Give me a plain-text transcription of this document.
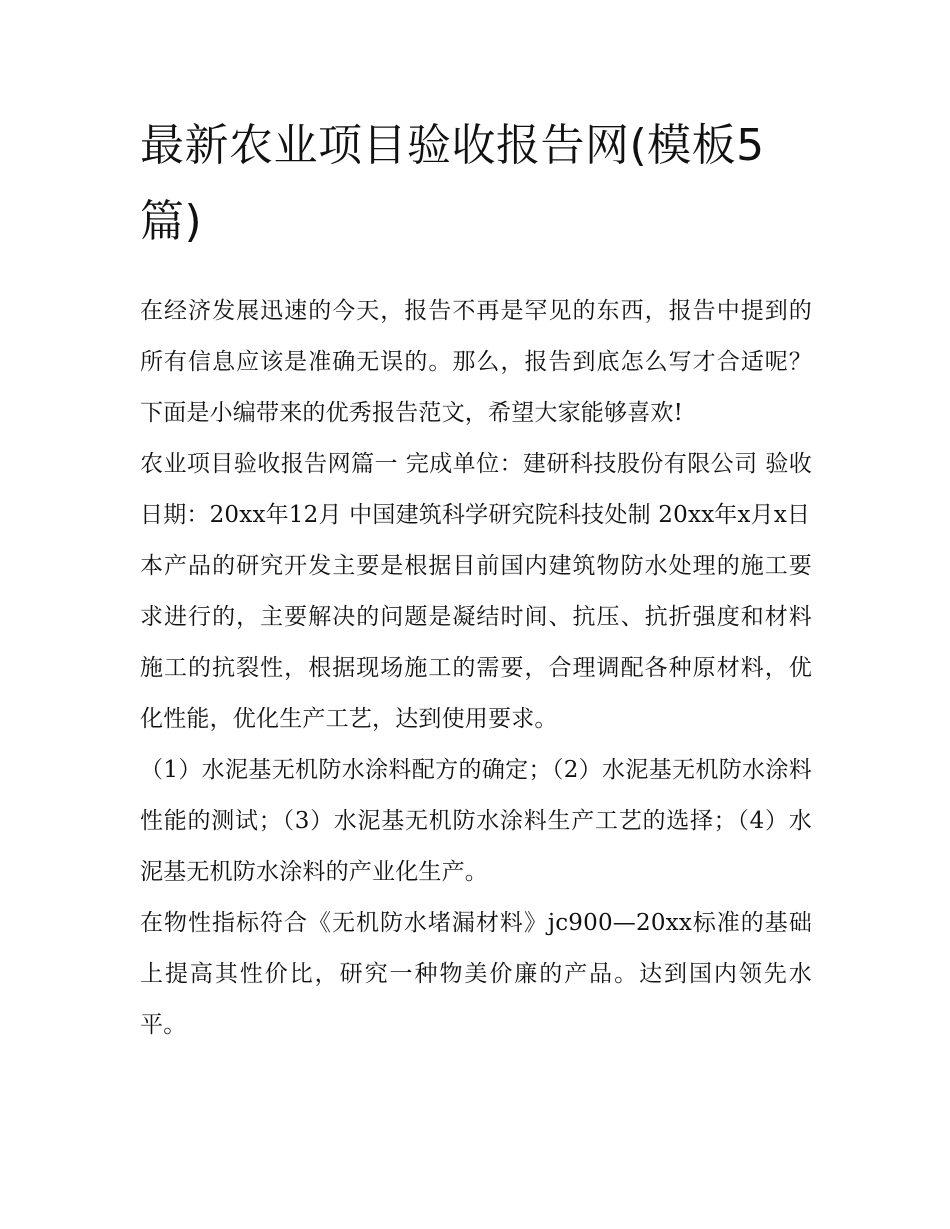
最新农业项目验收报告网(模板5篇)

在经济发展迅速的今天，报告不再是罕见的东西，报告中提到的所有信息应该是准确无误的。那么，报告到底怎么写才合适呢？下面是小编带来的优秀报告范文，希望大家能够喜欢!

农业项目验收报告网篇一 完成单位：建研科技股份有限公司 验收日期：20xx年12月 中国建筑科学研究院科技处制 20xx年x月x日

本产品的研究开发主要是根据目前国内建筑物防水处理的施工要求进行的，主要解决的问题是凝结时间、抗压、抗折强度和材料施工的抗裂性，根据现场施工的需要，合理调配各种原材料，优化性能，优化生产工艺，达到使用要求。

（1）水泥基无机防水涂料配方的确定；（2）水泥基无机防水涂料性能的测试；（3）水泥基无机防水涂料生产工艺的选择；（4）水泥基无机防水涂料的产业化生产。

在物性指标符合《无机防水堵漏材料》jc900—20xx标准的基础上提高其性价比，研究一种物美价廉的产品。达到国内领先水平。
